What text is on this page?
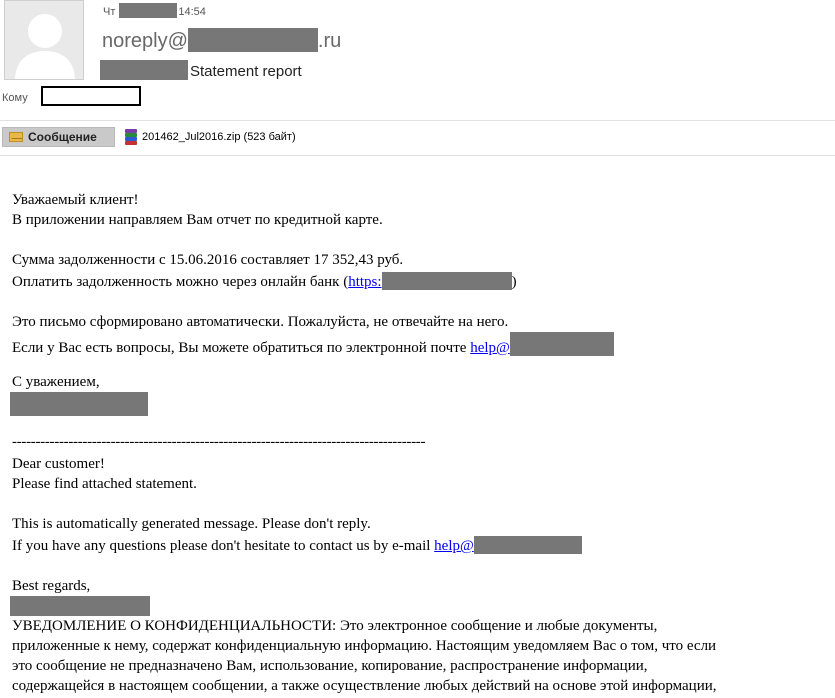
Чт	14:54
noreply@	.ru
Statement report
Кому
Сообщение	201462_Jul2016.zip (523 байт)
Уважаемый клиент!
В приложении направляем Вам отчет по кредитной карте.
Сумма задолженности с 15.06.2016 составляет 17 352,43 руб.
Оплатить задолженность можно через онлайн банк (https:	)
Это письмо сформировано автоматически. Пожалуйста, не отвечайте на него.
Если у Вас есть вопросы, Вы можете обратиться по электронной почте help@
С уважением,
----------------------------------------------------------------------------------------
Dear customer!
Please find attached statement.
This is automatically generated message. Please don't reply.
If you have any questions please don't hesitate to contact us by e-mail help@
Best regards,
УВЕДОМЛЕНИЕ О КОНФИДЕНЦИАЛЬНОСТИ: Это электронное сообщение и любые документы,
приложенные к нему, содержат конфиденциальную информацию. Настоящим уведомляем Вас о том, что если
это сообщение не предназначено Вам, использование, копирование, распространение информации,
содержащейся в настоящем сообщении, а также осуществление любых действий на основе этой информации,
